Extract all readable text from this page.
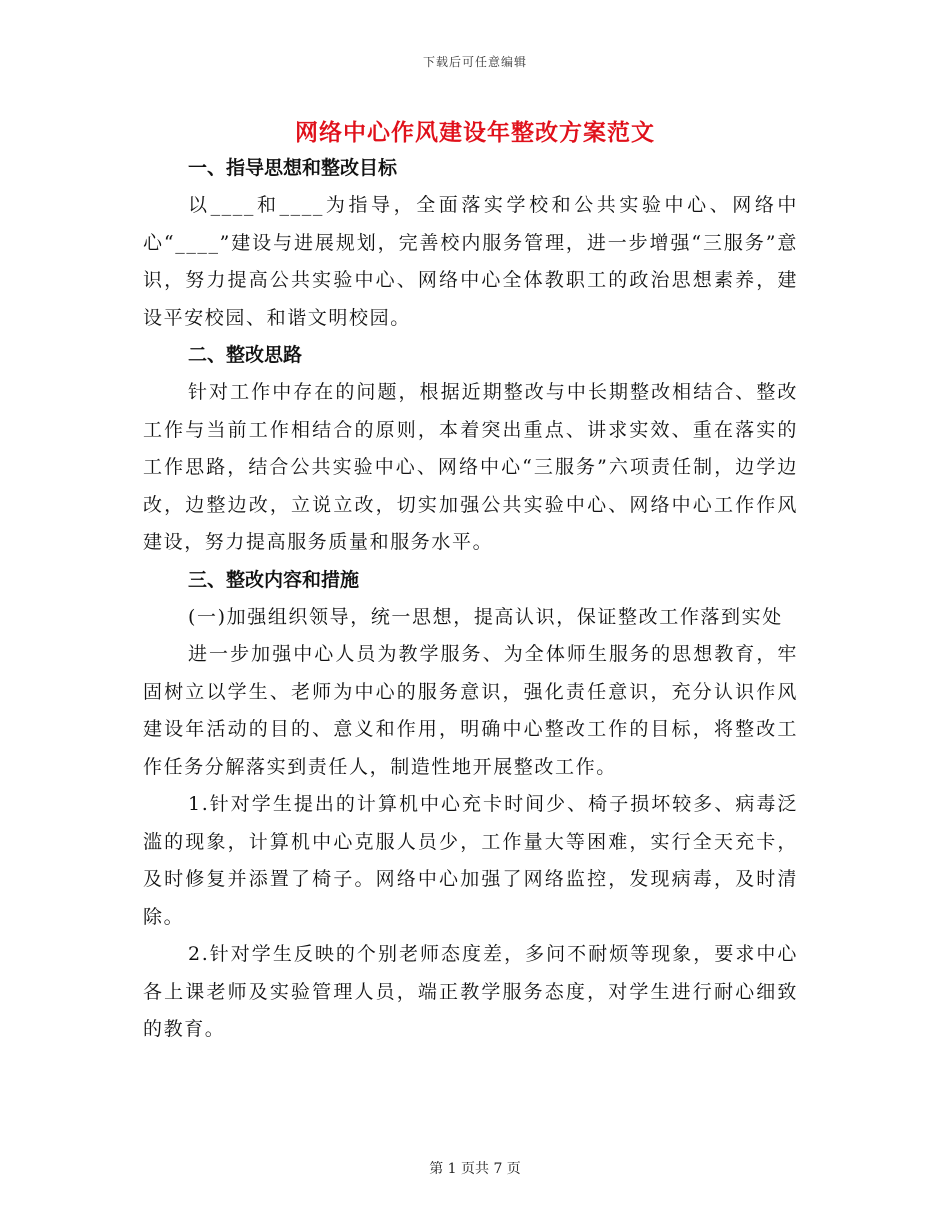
下载后可任意编辑
网络中心作风建设年整改方案范文

一、指导思想和整改目标

以____和____为指导，全面落实学校和公共实验中心、网络中心“____”建设与进展规划，完善校内服务管理，进一步增强“三服务”意识，努力提高公共实验中心、网络中心全体教职工的政治思想素养，建设平安校园、和谐文明校园。

二、整改思路

针对工作中存在的问题，根据近期整改与中长期整改相结合、整改工作与当前工作相结合的原则，本着突出重点、讲求实效、重在落实的工作思路，结合公共实验中心、网络中心“三服务”六项责任制，边学边改，边整边改，立说立改，切实加强公共实验中心、网络中心工作作风建设，努力提高服务质量和服务水平。

三、整改内容和措施

(一)加强组织领导，统一思想，提高认识，保证整改工作落到实处

进一步加强中心人员为教学服务、为全体师生服务的思想教育，牢固树立以学生、老师为中心的服务意识，强化责任意识，充分认识作风建设年活动的目的、意义和作用，明确中心整改工作的目标，将整改工作任务分解落实到责任人，制造性地开展整改工作。

1.针对学生提出的计算机中心充卡时间少、椅子损坏较多、病毒泛滥的现象，计算机中心克服人员少，工作量大等困难，实行全天充卡，及时修复并添置了椅子。网络中心加强了网络监控，发现病毒，及时清除。

2.针对学生反映的个别老师态度差，多问不耐烦等现象，要求中心各上课老师及实验管理人员，端正教学服务态度，对学生进行耐心细致的教育。

第 1 页共 7 页
